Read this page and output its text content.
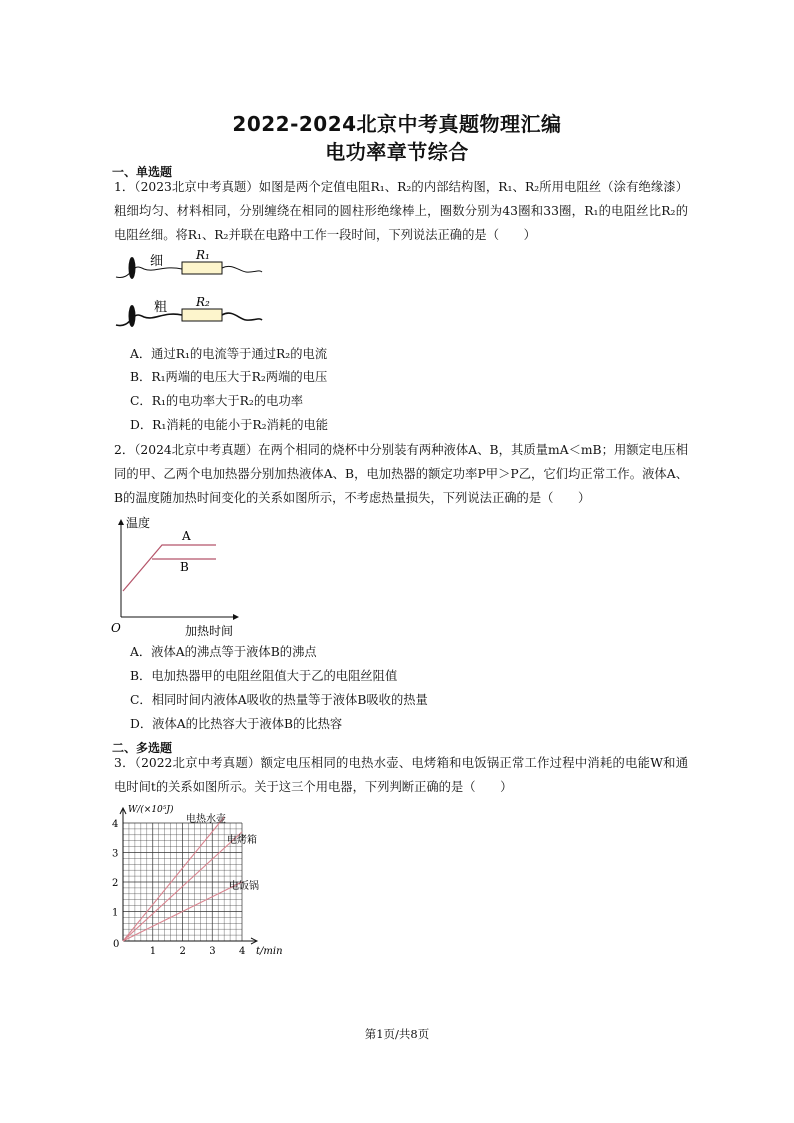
2022-2024北京中考真题物理汇编
电功率章节综合
一、单选题
1．（2023北京中考真题）如图是两个定值电阻R₁、R₂的内部结构图，R₁、R₂所用电阻丝（涂有绝缘漆）粗细均匀、材料相同，分别缠绕在相同的圆柱形绝缘棒上，圈数分别为43圈和33圈，R₁的电阻丝比R₂的电阻丝细。将R₁、R₂并联在电路中工作一段时间，下列说法正确的是（　　）
细	R₁
粗 R₂
A．通过R₁的电流等于通过R₂的电流
B．R₁两端的电压大于R₂两端的电压
C．R₁的电功率大于R₂的电功率
D．R₁消耗的电能小于R₂消耗的电能
2．（2024北京中考真题）在两个相同的烧杯中分别装有两种液体A、B，其质量mA＜mB；用额定电压相同的甲、乙两个电加热器分别加热液体A、B，电加热器的额定功率P甲＞P乙，它们均正常工作。液体A、B的温度随加热时间变化的关系如图所示，不考虑热量损失，下列说法正确的是（　　）
温度
A
B
O	加热时间
A．液体A的沸点等于液体B的沸点
B．电加热器甲的电阻丝阻值大于乙的电阻丝阻值
C．相同时间内液体A吸收的热量等于液体B吸收的热量
D．液体A的比热容大于液体B的比热容
二、多选题
3．（2022北京中考真题）额定电压相同的电热水壶、电烤箱和电饭锅正常工作过程中消耗的电能W和通电时间t的关系如图所示。关于这三个用电器，下列判断正确的是（　　）
1 2 3 4
1
2
3
4
0
W/(×10⁵J)
t/min
电热水壶
电烤箱
电饭锅
第1页/共8页
